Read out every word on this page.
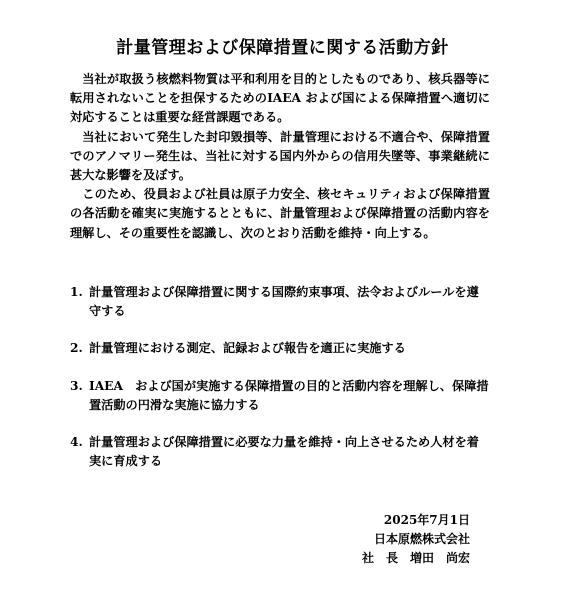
計量管理および保障措置に関する活動方針

当社が取扱う核燃料物質は平和利用を目的としたものであり、核兵器等に転用されないことを担保するためのIAEA および国による保障措置へ適切に対応することは重要な経営課題である。

当社において発生した封印毀損等、計量管理における不適合や、保障措置でのアノマリー発生は、当社に対する国内外からの信用失墜等、事業継続に甚大な影響を及ぼす。

このため、役員および社員は原子力安全、核セキュリティおよび保障措置の各活動を確実に実施するとともに、計量管理および保障措置の活動内容を理解し、その重要性を認識し、次のとおり活動を維持・向上する。

1. 計量管理および保障措置に関する国際約束事項、法令およびルールを遵守する
2. 計量管理における測定、記録および報告を適正に実施する
3. IAEA　および国が実施する保障措置の目的と活動内容を理解し、保障措置活動の円滑な実施に協力する
4. 計量管理および保障措置に必要な力量を維持・向上させるため人材を着実に育成する
2025年7月1日
日本原燃株式会社
社　長　増田　尚宏
